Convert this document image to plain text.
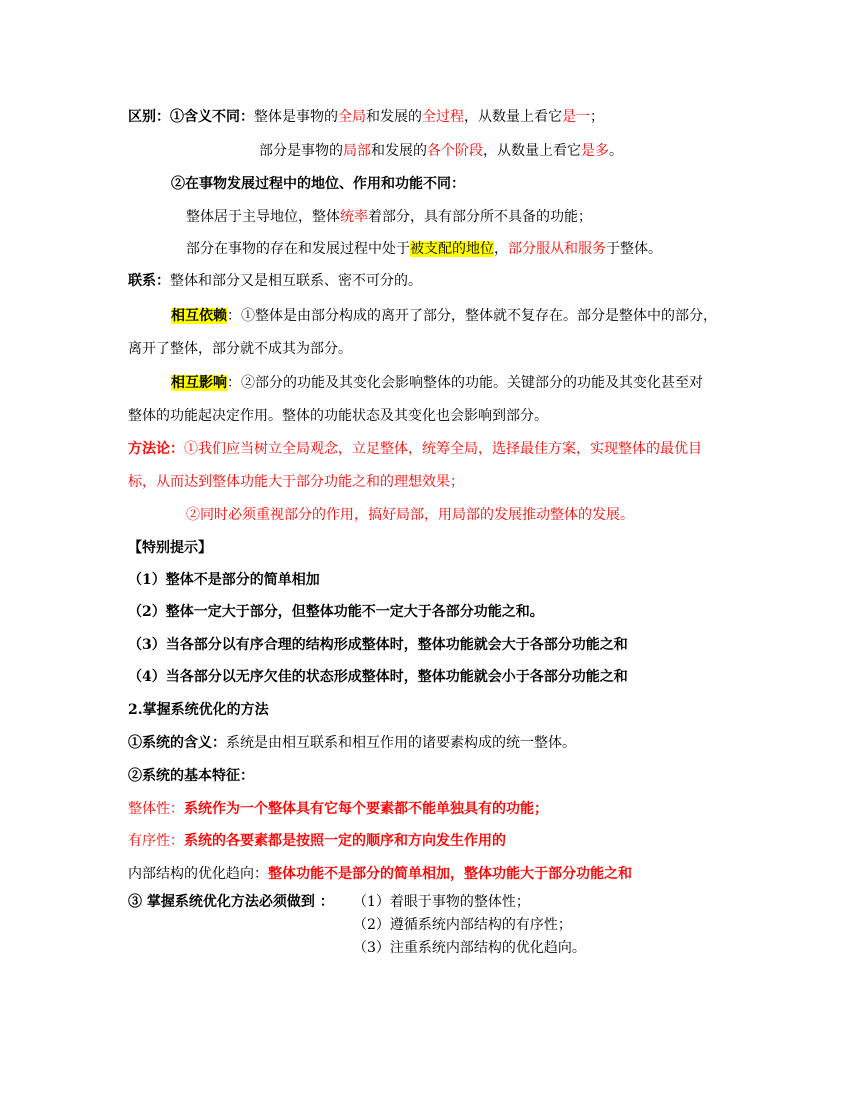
区别：①含义不同：整体是事物的全局和发展的全过程，从数量上看它是一；
部分是事物的局部和发展的各个阶段，从数量上看它是多。
②在事物发展过程中的地位、作用和功能不同：
整体居于主导地位，整体统率着部分，具有部分所不具备的功能；
部分在事物的存在和发展过程中处于被支配的地位，部分服从和服务于整体。
联系：整体和部分又是相互联系、密不可分的。
相互依赖：①整体是由部分构成的离开了部分，整体就不复存在。部分是整体中的部分，
离开了整体，部分就不成其为部分。
相互影响：②部分的功能及其变化会影响整体的功能。关键部分的功能及其变化甚至对
整体的功能起决定作用。整体的功能状态及其变化也会影响到部分。
方法论：①我们应当树立全局观念，立足整体，统筹全局，选择最佳方案，实现整体的最优目
标，从而达到整体功能大于部分功能之和的理想效果；
②同时必须重视部分的作用，搞好局部，用局部的发展推动整体的发展。
【特别提示】
（1）整体不是部分的简单相加
（2）整体一定大于部分，但整体功能不一定大于各部分功能之和。
（3）当各部分以有序合理的结构形成整体时，整体功能就会大于各部分功能之和
（4）当各部分以无序欠佳的状态形成整体时，整体功能就会小于各部分功能之和
2.掌握系统优化的方法
①系统的含义：系统是由相互联系和相互作用的诸要素构成的统一整体。
②系统的基本特征：
整体性：系统作为一个整体具有它每个要素都不能单独具有的功能；
有序性：系统的各要素都是按照一定的顺序和方向发生作用的
内部结构的优化趋向：整体功能不是部分的简单相加，整体功能大于部分功能之和
③ 掌握系统优化方法必须做到 ： （1）着眼于事物的整体性；
（2）遵循系统内部结构的有序性；
（3）注重系统内部结构的优化趋向。
